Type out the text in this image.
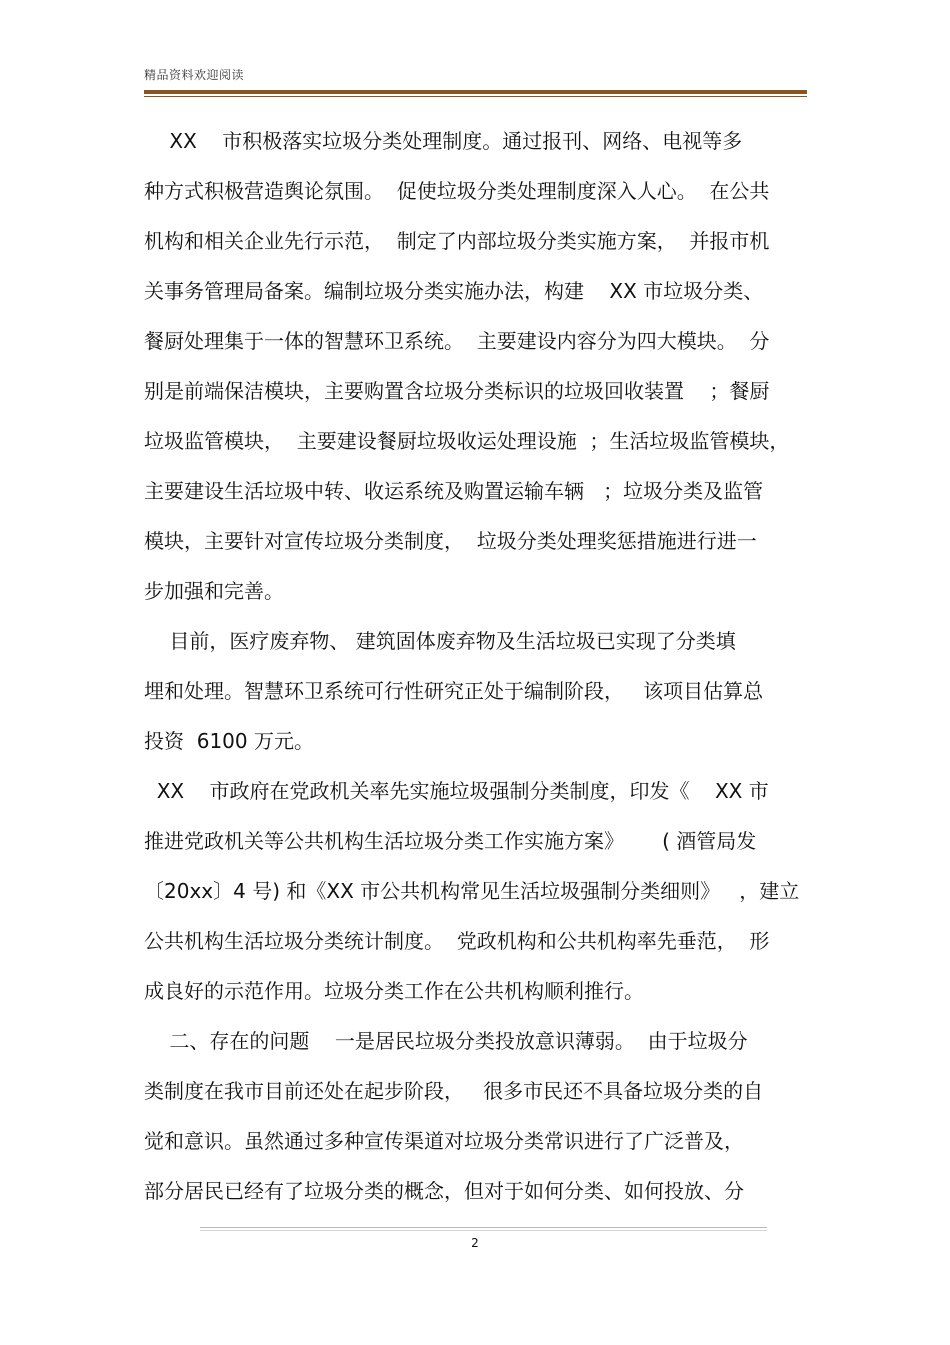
精品资料欢迎阅读
XX    市积极落实垃圾分类处理制度。通过报刊、网络、电视等多
种方式积极营造舆论氛围。  促使垃圾分类处理制度深入人心。  在公共
机构和相关企业先行示范，  制定了内部垃圾分类实施方案，  并报市机
关事务管理局备案。编制垃圾分类实施办法，构建    XX 市垃圾分类、
餐厨处理集于一体的智慧环卫系统。  主要建设内容分为四大模块。  分
别是前端保洁模块，主要购置含垃圾分类标识的垃圾回收装置    ；餐厨
垃圾监管模块，  主要建设餐厨垃圾收运处理设施  ；生活垃圾监管模块，
主要建设生活垃圾中转、收运系统及购置运输车辆   ；垃圾分类及监管
模块，主要针对宣传垃圾分类制度，  垃圾分类处理奖惩措施进行进一
步加强和完善。
目前，医疗废弃物、 建筑固体废弃物及生活垃圾已实现了分类填
埋和处理。智慧环卫系统可行性研究正处于编制阶段，   该项目估算总
投资  6100 万元。
XX    市政府在党政机关率先实施垃圾强制分类制度，印发《    XX 市
推进党政机关等公共机构生活垃圾分类工作实施方案》      ( 酒管局发
〔20xx〕4 号) 和《XX 市公共机构常见生活垃圾强制分类细则》   ，建立
公共机构生活垃圾分类统计制度。  党政机构和公共机构率先垂范，  形
成良好的示范作用。垃圾分类工作在公共机构顺利推行。
二、存在的问题    一是居民垃圾分类投放意识薄弱。  由于垃圾分
类制度在我市目前还处在起步阶段，   很多市民还不具备垃圾分类的自
觉和意识。虽然通过多种宣传渠道对垃圾分类常识进行了广泛普及，
部分居民已经有了垃圾分类的概念，但对于如何分类、如何投放、分
2
